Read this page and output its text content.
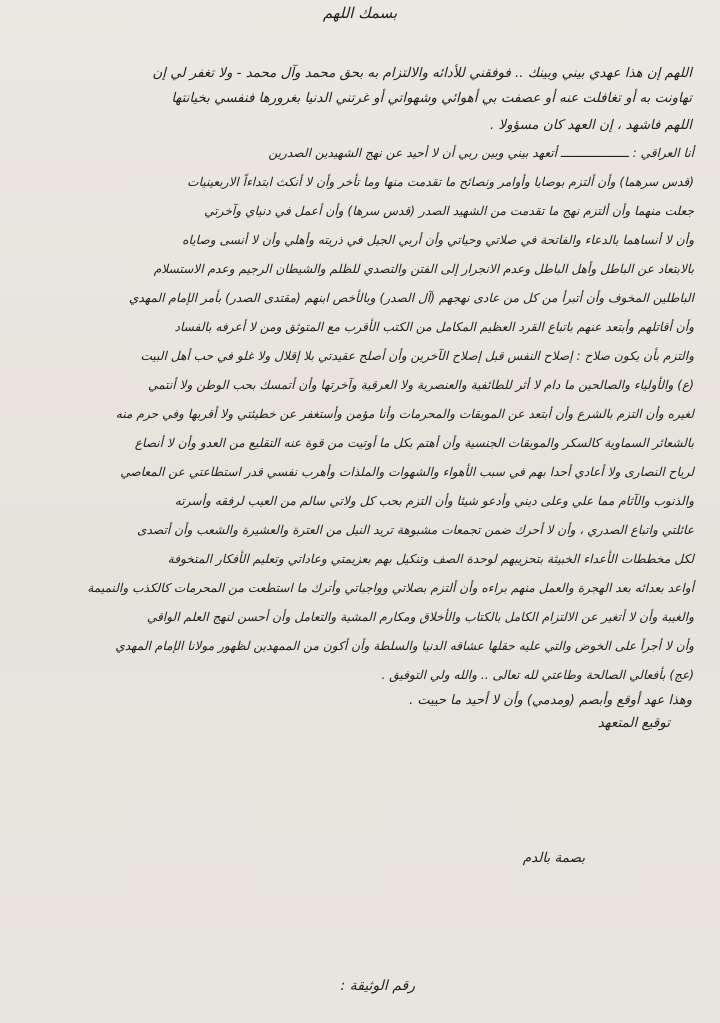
بسمك اللهم
اللهم إن هذا عهدي بيني وبينك .. فوفقني للأدائه والالتزام به بحق محمد وآل محمد - ولا تغفر لي إن
تهاونت به أو تغافلت عنه أو عصفت بي أهوائي وشهواتي أو غرتني الدنيا بغرورها فنفسي بخيانتها
اللهم فاشهد ، إن العهد كان مسؤولا .
أنا العراقي : ـــــــــــــــــــ أتعهد بيني وبين ربي أن لا أحيد عن نهج الشهيدين الصدرين
(قدس سرهما) وأن ألتزم بوصايا وأوامر ونصائح ما تقدمت منها وما تأخر وأن لا أنكث ابتداءاً الاربعينيات
جعلت منهما وأن ألتزم نهج ما تقدمت من الشهيد الصدر (قدس سرها) وأن أعمل في دنياي وآخرتي
وأن لا أنساهما بالدعاء والفاتحة في صلاتي وحياتي وأن أربي الجيل في ذريته وأهلي وأن لا أنسى وصاياه
بالابتعاد عن الباطل وأهل الباطل وعدم الانجرار إلى الفتن والتصدي للظلم والشيطان الرجيم وعدم الاستسلام
الباطلين المخوف وأن أتبرأ من كل من عادى نهجهم (آل الصدر) وبالأخص ابنهم (مقتدى الصدر) بأمر الإمام المهدي
وأن أقاتلهم وأبتعد عنهم باتباع القرد العظيم المكامل من الكتب الأقرب مع المتوثق ومن لا أعرفه بالفساد
والتزم بأن يكون صلاح : إصلاح النفس قبل إصلاح الآخرين وأن أصلح عقيدتي بلا إقلال ولا غلو في حب أهل البيت
(ع) والأولياء والصالحين ما دام لا أثر للطائفية والعنصرية ولا العرقية وآخرتها وأن أتمسك بحب الوطن ولا أنتمي
لغيره وأن التزم بالشرع وأن أبتعد عن الموبقات والمحرمات وأنا مؤمن وأستغفر عن خطيئتي ولا أقربها وفي حرم منه
بالشعائر السماوية كالسكر والموبقات الجنسية وأن أهتم بكل ما أوتيت من قوة عنه التقليع من العدو وأن لا أنصاع
لرياح النصارى ولا أعادي أحدا بهم في سبب الأهواء والشهوات والملذات وأهرب نفسي قدر استطاعتي عن المعاصي
والذنوب والآثام مما علي وعلى ديني وأدعو شيئا وأن التزم بحب كل ولاتي سالم من العيب لرفقه وأسرته
عائلتي واتباع الصدري ، وأن لا أحرك ضمن تجمعات مشبوهة تريد النيل من العترة والعشيرة والشعب وأن أتصدى
لكل مخططات الأعداء الخبيثة بتحزيبهم لوحدة الصف وتنكيل بهم بعزيمتي وعاداتي وتعليم الأفكار المتخوفة
أواعد بعدائه بعد الهجرة والعمل منهم براءه وأن ألتزم بصلاتي وواجباتي وأترك ما استطعت من المحرمات كالكذب والنميمة
والغيبة وأن لا أتغير عن الالتزام الكامل بالكتاب والأخلاق ومكارم المشية والتعامل وأن أحسن لنهج العلم الواقي
وأن لا أجرأ على الخوض والتي عليه حقلها عشاقه الدنيا والسلطة وأن أكون من الممهدين لظهور مولانا الإمام المهدي
(عج) بأفعالي الصالحة وطاعتي لله تعالى .. والله ولي التوفيق .
وهذا عهد أوقع وأبصم (ومدمي) وأن لا أحيد ما حييت .
توقيع المتعهد
بصمة بالدم
رقم الوثيقة :
